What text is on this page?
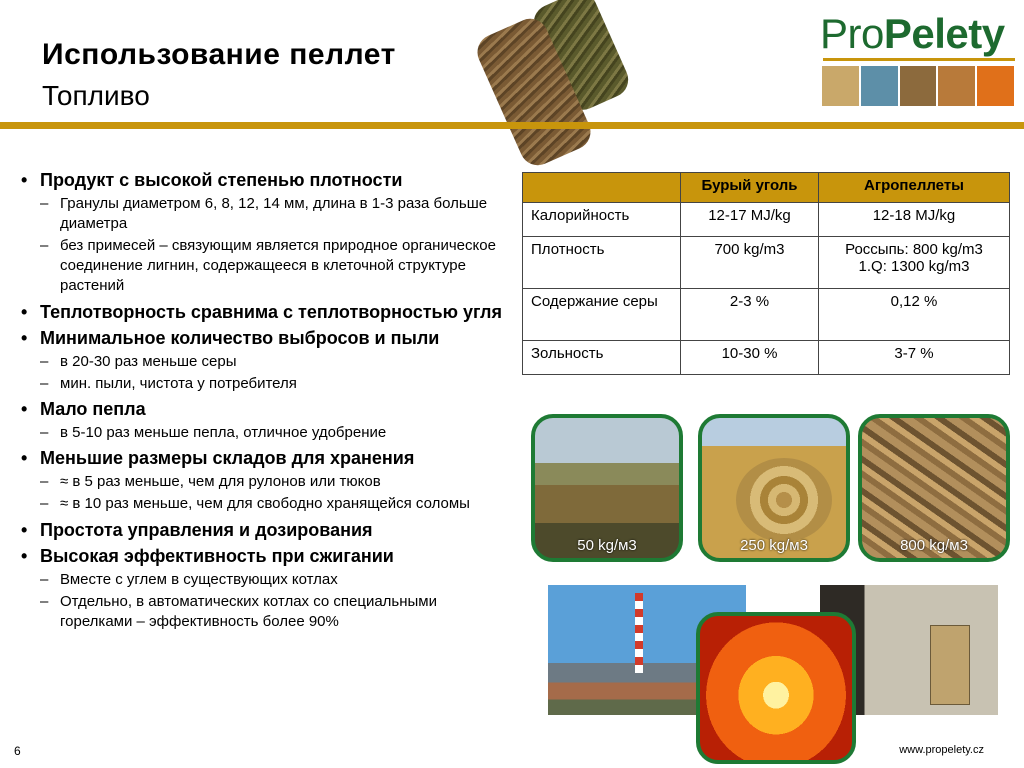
Использование пеллет
Топливо
ProPelety
• Продукт с высокой степенью плотности
– Гранулы диаметром 6, 8, 12, 14 мм, длина в 1-3 раза больше диаметра
– без примесей – связующим является природное органическое соединение лигнин, содержащееся в клеточной структуре растений
• Теплотворность сравнима с теплотворностью угля
• Минимальное количество выбросов и пыли
– в 20-30 раз меньше серы
– мин. пыли, чистота у потребителя
• Мало пепла
– в 5-10 раз меньше пепла, отличное удобрение
• Меньшие размеры складов для хранения
– ≈ в 5 раз меньше, чем для рулонов или тюков
– ≈ в 10 раз меньше, чем для свободно хранящейся соломы
• Простота управления и дозирования
• Высокая эффективность при сжигании
– Вместе с углем в существующих котлах
– Отдельно, в автоматических котлах со специальными горелками – эффективность более 90%
	Бурый уголь	Агропеллеты
Калорийность	12-17 MJ/kg	12-18 MJ/kg
Плотность	700 kg/m3	Россыпь: 800 kg/m3
1.Q: 1300 kg/m3
Содержание серы	2-3 %	0,12 %
Зольность	10-30 %	3-7 %
50 kg/м3	250 kg/м3	800 kg/м3
6	www.propelety.cz
